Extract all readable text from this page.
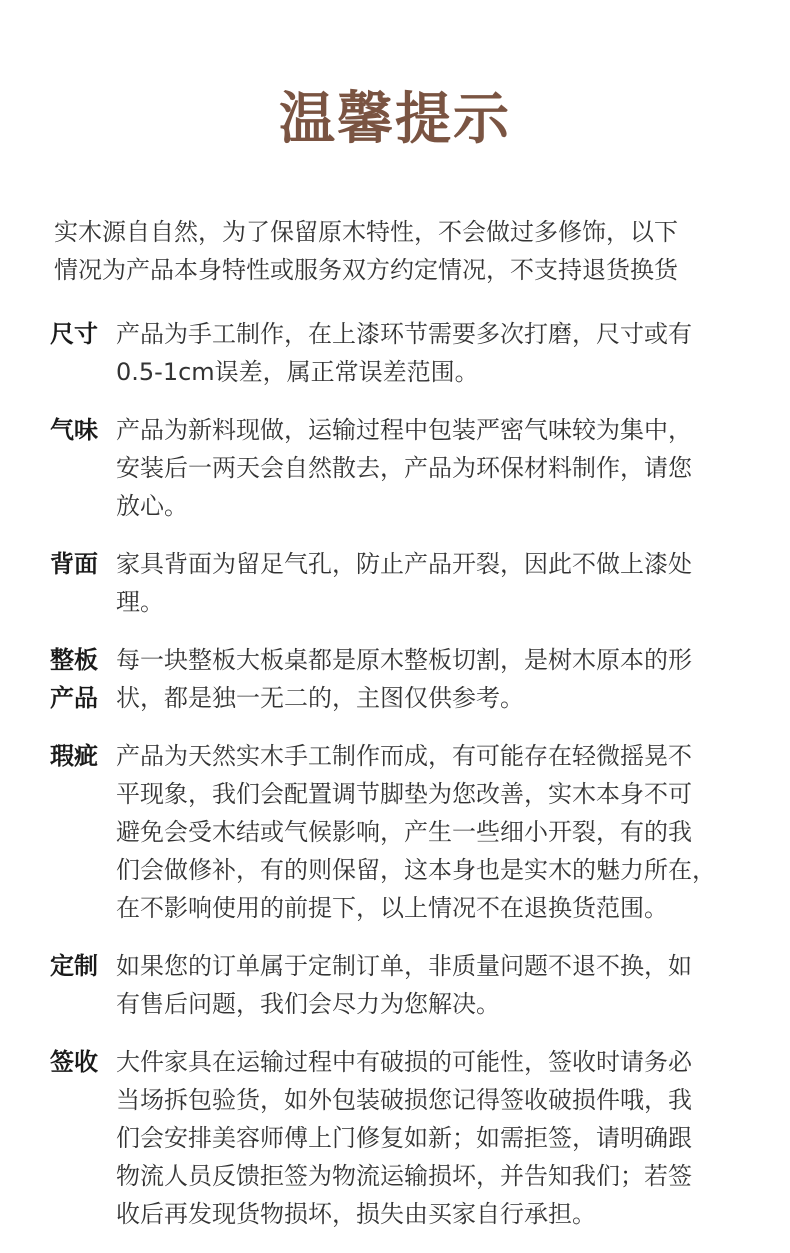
温馨提示
实木源自自然，为了保留原木特性，不会做过多修饰，以下
情况为产品本身特性或服务双方约定情况，不支持退货换货
尺寸 产品为手工制作，在上漆环节需要多次打磨，尺寸或有
0.5-1cm误差，属正常误差范围。
气味 产品为新料现做，运输过程中包装严密气味较为集中，
安装后一两天会自然散去，产品为环保材料制作，请您
放心。
背面 家具背面为留足气孔，防止产品开裂，因此不做上漆处
理。
整板
产品
每一块整板大板桌都是原木整板切割，是树木原本的形
状，都是独一无二的，主图仅供参考。
瑕疵 产品为天然实木手工制作而成，有可能存在轻微摇晃不
平现象，我们会配置调节脚垫为您改善，实木本身不可
避免会受木结或气候影响，产生一些细小开裂，有的我
们会做修补，有的则保留，这本身也是实木的魅力所在，
在不影响使用的前提下，以上情况不在退换货范围。
定制 如果您的订单属于定制订单，非质量问题不退不换，如
有售后问题，我们会尽力为您解决。
签收 大件家具在运输过程中有破损的可能性，签收时请务必
当场拆包验货，如外包装破损您记得签收破损件哦，我
们会安排美容师傅上门修复如新；如需拒签，请明确跟
物流人员反馈拒签为物流运输损坏，并告知我们；若签
收后再发现货物损坏，损失由买家自行承担。
